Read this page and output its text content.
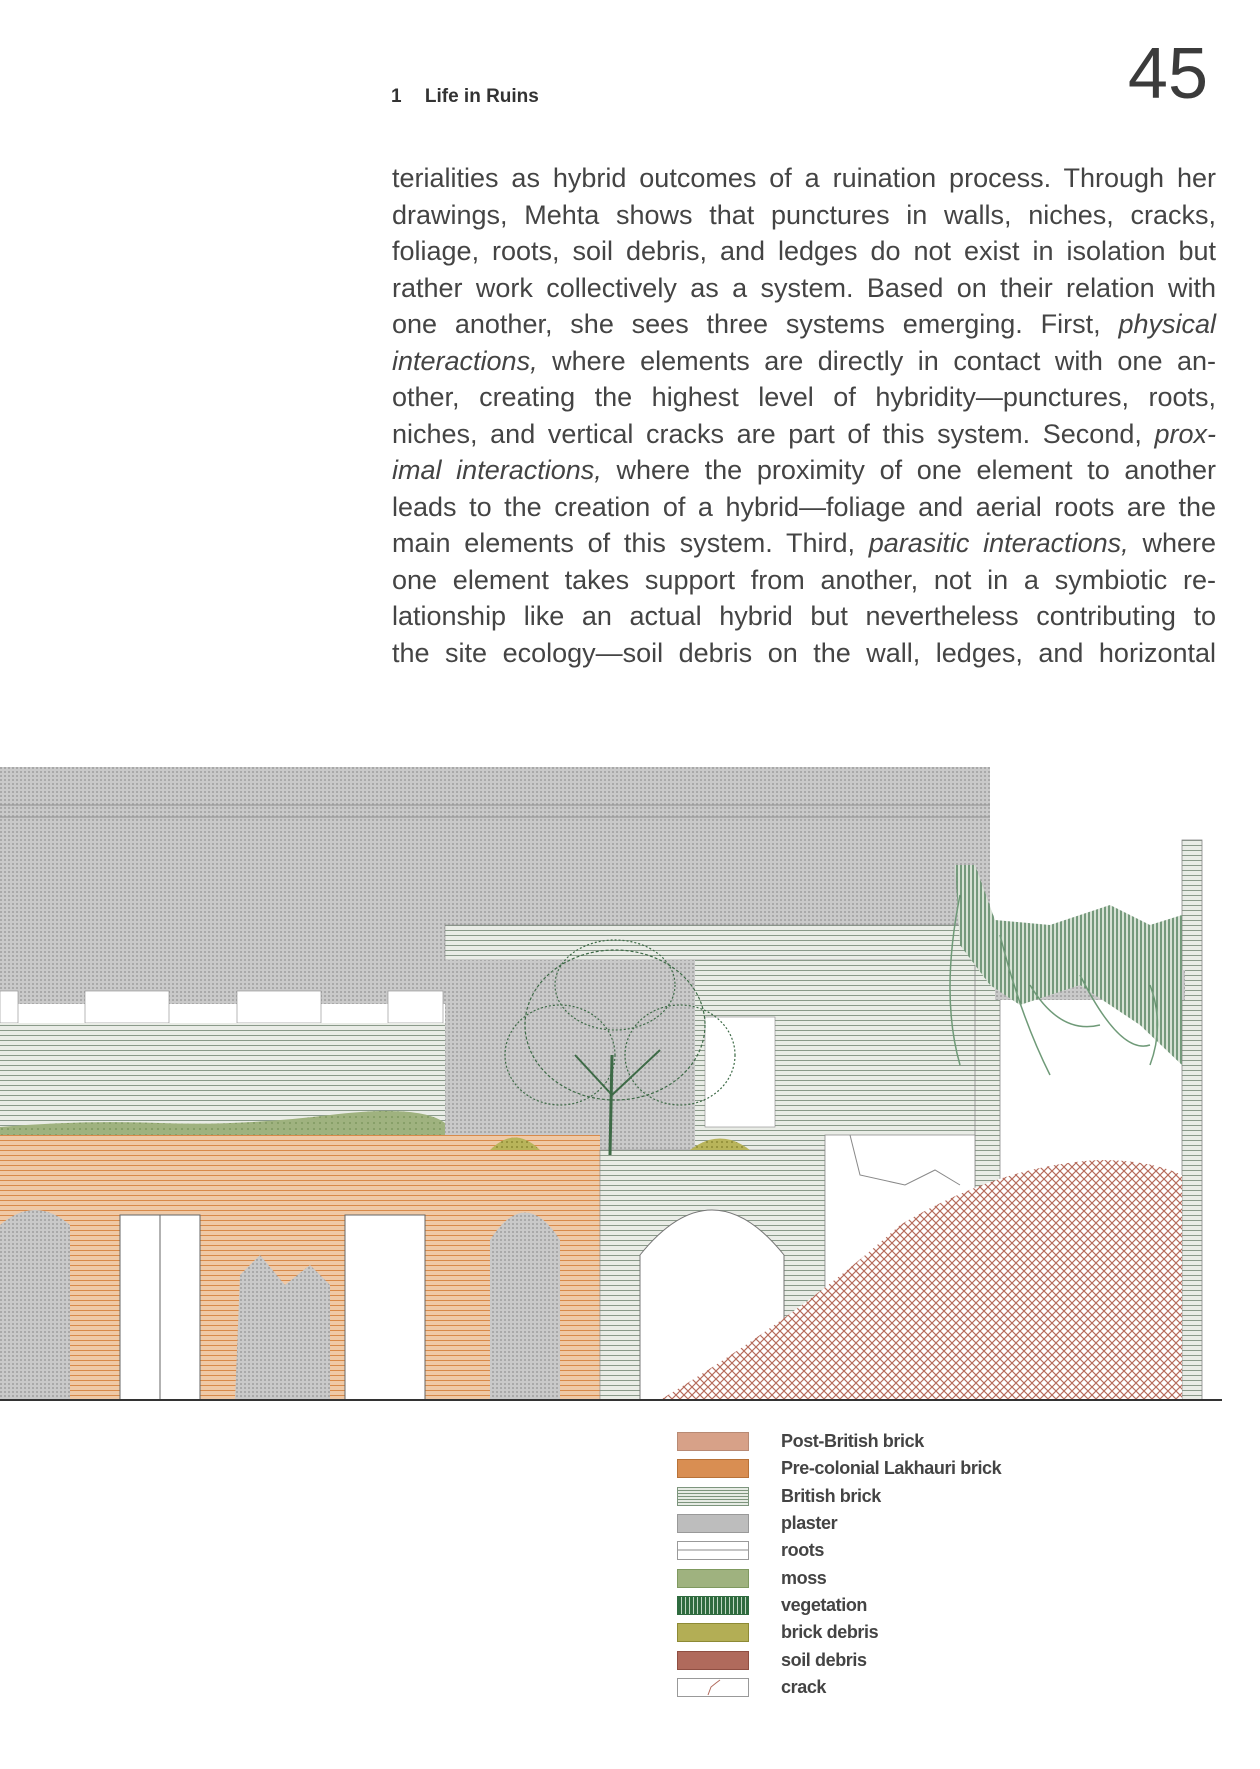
1 Life in Ruins	45
terialities as hybrid outcomes of a ruination process. Through her
drawings, Mehta shows that punctures in walls, niches, cracks,
foliage, roots, soil debris, and ledges do not exist in isolation but
rather work collectively as a system. Based on their relation with
one another, she sees three systems emerging. First, physical
interactions, where elements are directly in contact with one an-
other, creating the highest level of hybridity—punctures, roots,
niches, and vertical cracks are part of this system. Second, prox-
imal interactions, where the proximity of one element to another
leads to the creation of a hybrid—foliage and aerial roots are the
main elements of this system. Third, parasitic interactions, where
one element takes support from another, not in a symbiotic re-
lationship like an actual hybrid but nevertheless contributing to
the site ecology—soil debris on the wall, ledges, and horizontal
Post-British brick
Pre-colonial Lakhauri brick
British brick
plaster
roots
moss
vegetation
brick debris
soil debris
crack
